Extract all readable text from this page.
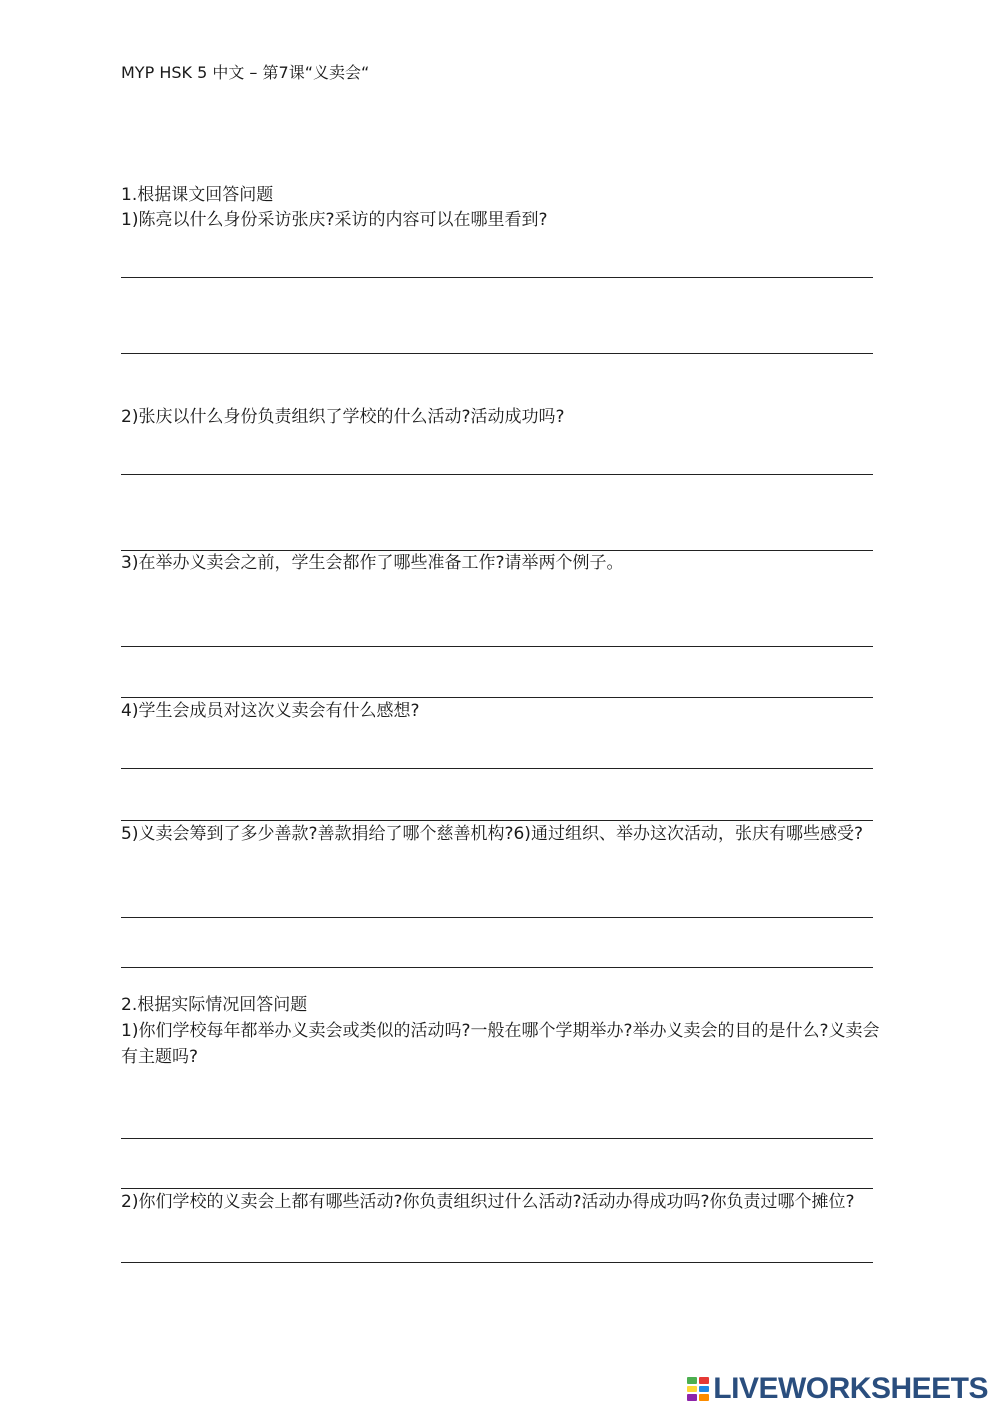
MYP HSK 5 中文 – 第7课“义卖会“
1.根据课文回答问题
1)陈亮以什么身份采访张庆?采访的内容可以在哪里看到?
2)张庆以什么身份负责组织了学校的什么活动?活动成功吗?
3)在举办义卖会之前，学生会都作了哪些准备工作?请举两个例子。
4)学生会成员对这次义卖会有什么感想?
5)义卖会筹到了多少善款?善款捐给了哪个慈善机构?6)通过组织、举办这次活动，张庆有哪些感受?
2.根据实际情况回答问题
1)你们学校每年都举办义卖会或类似的活动吗?一般在哪个学期举办?举办义卖会的目的是什么?义卖会有主题吗?
2)你们学校的义卖会上都有哪些活动?你负责组织过什么活动?活动办得成功吗?你负责过哪个摊位?
LIVEWORKSHEETS
